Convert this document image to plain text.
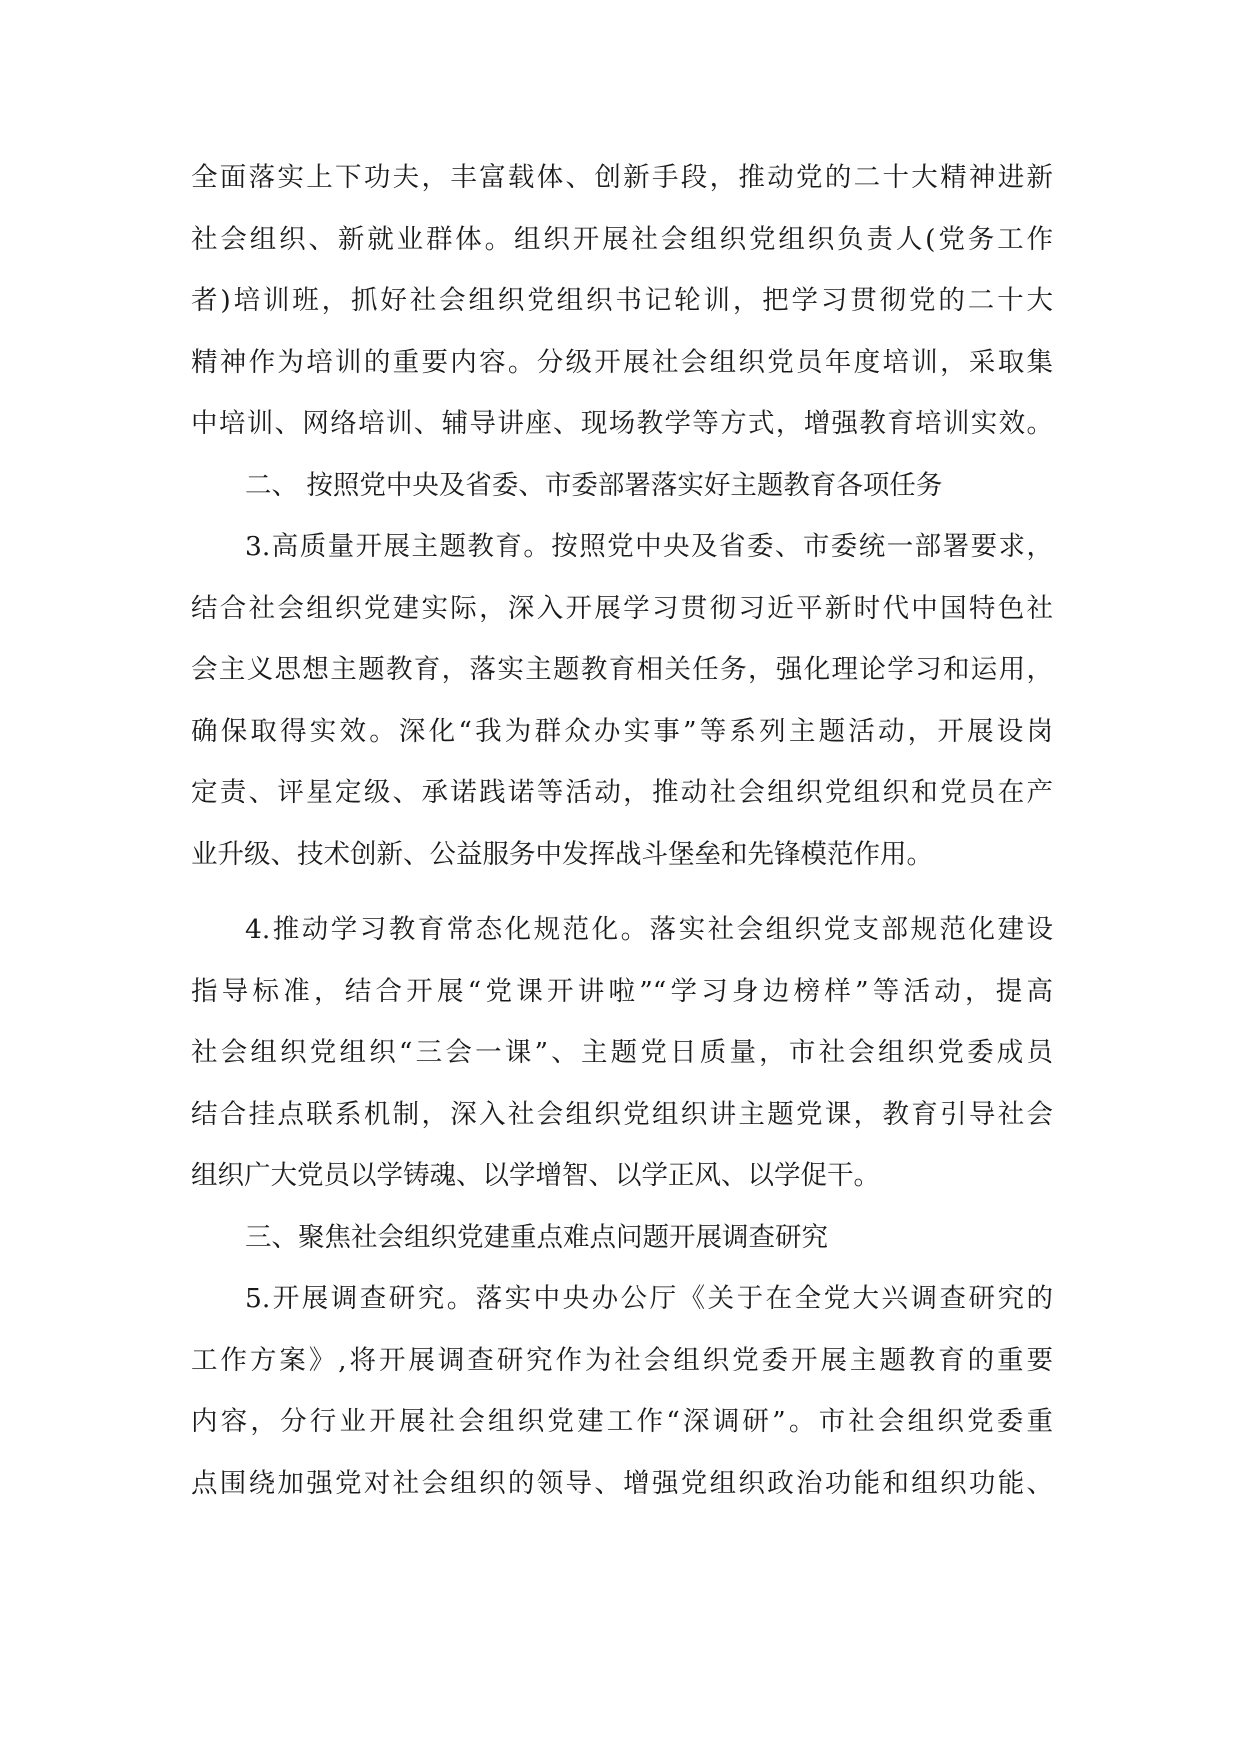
全面落实上下功夫，丰富载体、创新手段，推动党的二十大精神进新
社会组织、新就业群体。组织开展社会组织党组织负责人(党务工作
者)培训班，抓好社会组织党组织书记轮训，把学习贯彻党的二十大
精神作为培训的重要内容。分级开展社会组织党员年度培训，采取集
中培训、网络培训、辅导讲座、现场教学等方式，增强教育培训实效。
二、 按照党中央及省委、市委部署落实好主题教育各项任务
3.高质量开展主题教育。按照党中央及省委、市委统一部署要求，
结合社会组织党建实际，深入开展学习贯彻习近平新时代中国特色社
会主义思想主题教育，落实主题教育相关任务，强化理论学习和运用，
确保取得实效。深化“我为群众办实事”等系列主题活动，开展设岗
定责、评星定级、承诺践诺等活动，推动社会组织党组织和党员在产
业升级、技术创新、公益服务中发挥战斗堡垒和先锋模范作用。
4.推动学习教育常态化规范化。落实社会组织党支部规范化建设
指导标准，结合开展“党课开讲啦”“学习身边榜样”等活动，提高
社会组织党组织“三会一课”、主题党日质量，市社会组织党委成员
结合挂点联系机制，深入社会组织党组织讲主题党课，教育引导社会
组织广大党员以学铸魂、以学增智、以学正风、以学促干。
三、聚焦社会组织党建重点难点问题开展调查研究
5.开展调查研究。落实中央办公厅《关于在全党大兴调查研究的
工作方案》,将开展调查研究作为社会组织党委开展主题教育的重要
内容，分行业开展社会组织党建工作“深调研”。市社会组织党委重
点围绕加强党对社会组织的领导、增强党组织政治功能和组织功能、
